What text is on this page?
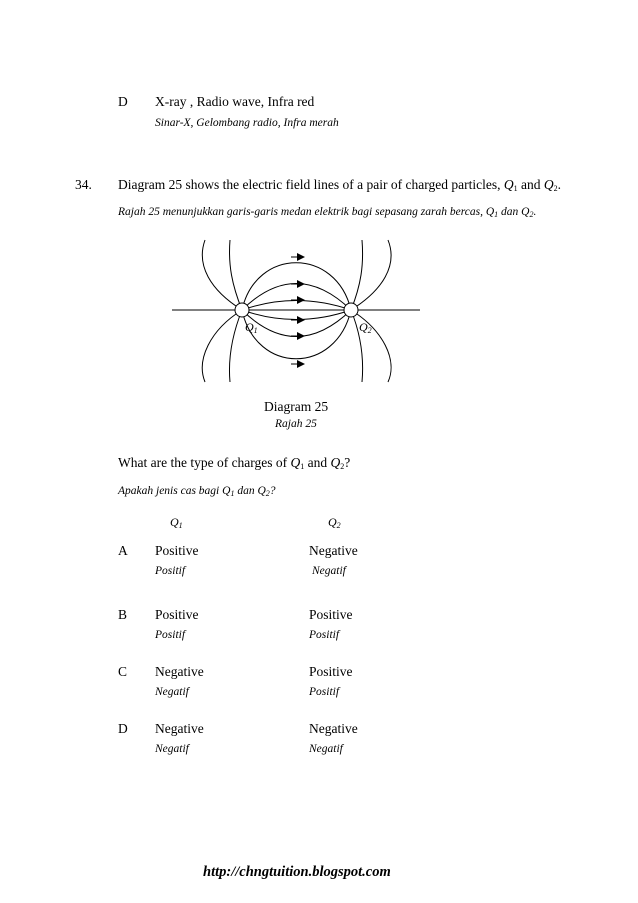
D X-ray , Radio wave, Infra red
Sinar-X, Gelombang radio, Infra merah
34. Diagram 25 shows the electric field lines of a pair of charged particles, $Q_1$ and $Q_2$.
Rajah 25 menunjukkan garis-garis medan elektrik bagi sepasang zarah bercas, $Q_1$ dan $Q_2$.
$Q_1$	$Q_2$
Diagram 25
Rajah 25
What are the type of charges of $Q_1$ and $Q_2$?
Apakah jenis cas bagi $Q_1$ dan $Q_2$?
$Q_1$	$Q_2$
A Positive
Positif
Negative
Negatif
B Positive
Positif
Positive
Positif
C Negative
Negatif
Positive
Positif
D Negative
Negatif
Negative
Negatif
http://chngtuition.blogspot.com
